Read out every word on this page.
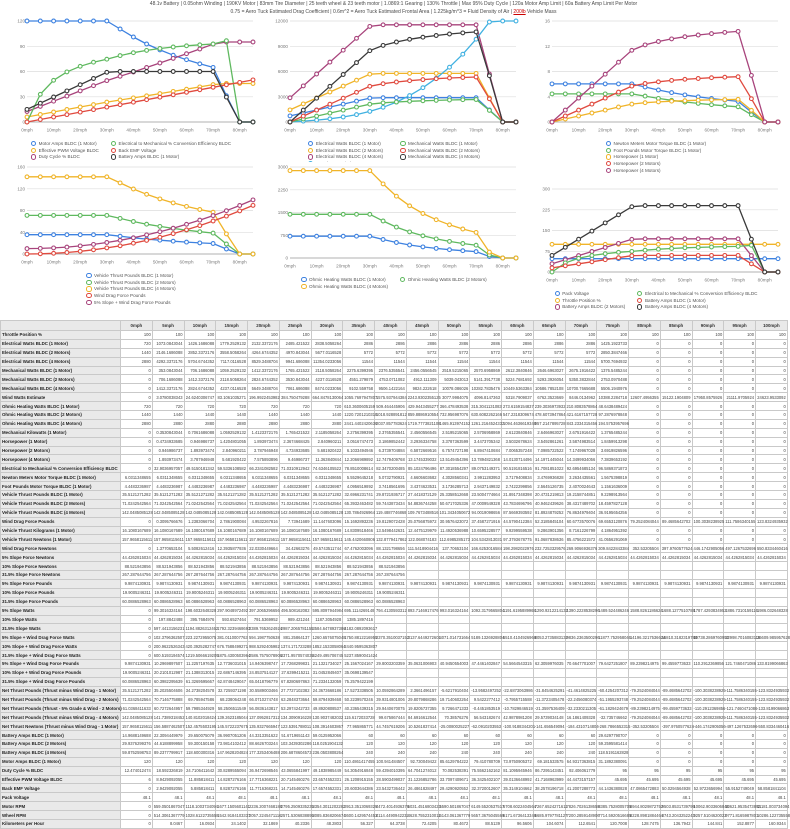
48.1v Battery | 0.05ohm Winding | 190KV Motor | 83mm Tire Diameter | 25 teeth wheel & 23 teeth motor | 1.0869:1 Gearing | 130% Throttle | Max 95% Duty Cycle | 120a Motor Amp Limit | 60a Battery Amp Limit Per Motor
0.75 = Aero Tuck Estimated Drag Coefficient | 0.6m^2 = Aero Tuck Estimated Frontal Area | 1.225kg/m^3 = Fluid Density of Air | 200lb Vehicle Mass
0
30
60
90
120
0mph	10mph	20mph	30mph	40mph	50mph	60mph	70mph	80mph
Motor Amps BLDC (1 Motor)
Effective PWM Voltage BLDC
Duty Cycle % BLDC
Electrical to Mechanical % Conversion Efficiency BLDC
Back EMF Voltage
Battery Amps BLDC (1 Motor)
0
3000
6000
9000
12000
0mph	10mph	20mph	30mph	40mph	50mph	60mph	70mph	80mph
Electrical Watts BLDC (1 Motor)
Electrical Watts BLDC (2 Motors)
Electrical Watts BLDC (4 Motors)
Mechanical Watts BLDC (1 Motor)
Mechanical Watts BLDC (2 Motors)
Mechanical Watts BLDC (4 Motors)
0
4
8
12
16
0mph	10mph	20mph	30mph	40mph	50mph	60mph	70mph	80mph
Newton Meters Motor Torque BLDC (1 Motor)
Foot Pounds Motor Torque BLDC (1 Motor)
Horsepower (1 Motor)
Horsepower (2 Motors)
Horsepower (4 Motors)
0
40
80
120
160
0mph	10mph	20mph	30mph	40mph	50mph	60mph	70mph	80mph
Vehicle Thrust Pounds BLDC (1 Motor)
Vehicle Thrust Pounds BLDC (2 Motors)
Vehicle Thrust Pounds BLDC (4 Motors)
Wind Drag Force Pounds
5% Slope + Wind Drag Force Pounds
0
750
1500
2250
3000
0mph	10mph	20mph	30mph	40mph	50mph	60mph	70mph	80mph
Ohmic Heating Watts BLDC (1 Motor)
Ohmic Heating Watts BLDC (4 Motors)
Ohmic Heating Watts BLDC (2 Motors)
0
75
150
225
300
0mph	10mph	20mph	30mph	40mph	50mph	60mph	70mph	80mph
Pack Voltage
Throttle Position %
Battery Amps BLDC (2 Motors)
Electrical to Mechanical % Conversion Efficiency BLDC
Battery Amps BLDC (1 Motor)
Battery Amps BLDC (4 Motors)
	0mph	5mph	10mph	15mph	20mph	25mph	30mph	35mph	40mph	45mph	50mph	55mph	60mph	65mph	70mph	75mph	80mph	85mph	90mph	95mph	100mph
Throttle Position %	100	100	100	100	100	100	100	100	100	100	100	100	100	100	100	100	100	100	100	100	100
Electrical Watts BLDC (1 Motor)	720	1073.0843044	1426.1686088	1779.2529132	2132.3372176	2485.421522	2838.5058264	2886	2886	2886	2886	2886	2886	2886	2886	1425.1923733	0	0	0	0	0
Electrical Watts BLDC (2 Motors)	1440	2146.1686088	2852.3372176	3558.5058264	4264.6744352	4970.843044	5677.0116528	5772	5772	5772	5772	5772	5772	5772	5772	2850.3847466	0	0	0	0	0
Electrical Watts BLDC (4 Motors)	2880	4292.3372176	5704.6744352	7117.0116528	8529.3488704	9941.686088	11354.0233056	11544	11544	11544	11544	11544	11544	11544	11544	5700.7694932	0	0	0	0	0
Mechanical Watts BLDC (1 Motor)	0	353.0843044	706.1686088	1059.2529132	1412.3372176	1765.421522	2118.5058264	2275.6399395	2376.5355541	2456.0556545	2519.5215065	2570.6958869	2612.3840846	2646.6963027	2675.1916422	1376.5485244	0	0	0	0	0
Mechanical Watts BLDC (2 Motors)	0	706.1686088	1412.3372176	2118.5058264	2824.6744352	3530.843044	4237.0116528	4551.279879	4753.0711082	4912.111309	5039.043013	5141.3917738	5224.7681692	5293.3926054	5350.3832844	2753.0970488	0	0	0	0	0
Mechanical Watts BLDC (4 Motors)	0	1412.3372176	2824.6744352	4237.0116528	5649.3488704	7061.686088	8474.0233056	9102.559758	9506.1422164	9824.222618	10078.086026	10282.7835476	10449.5363384	10586.7852108	10700.7665688	5506.1940976	0	0	0	0	0
Wind Watts Estimate	0	3.0780038343	24.6240306747	83.1061035271	196.9922453982	384.750479288	664.8478130064	1055.7697947807	1575.937944384	2243.9302355125	3077.9984075	4096.8147363	5318.7909037	6762.3523669	8446.0134962	10388.2284718	12607.4956355	15122.1904809	17950.8575926	21111.9705924	24623.9533092
Ohmic Heating Watts BLDC (1 Motor)	720	720	720	720	720	720	720	610.3600605159	509.464445906	429.9443455277	366.478493538	315.3041131083	273.6159154837	239.3036973932	210.8083578864	48.6438489424	0	0	0	0	0
Ohmic Heating Watts BLDC (2 Motors)	1440	1440	1440	1440	1440	1440	1440	1220.7201210318	1018.928891812	859.8886910554	732.956987076	630.6082262166	547.2318309674	478.6073947864	421.6167157728	97.2876978848	0	0	0	0	0
Ohmic Heating Watts BLDC (4 Motors)	2880	2880	2880	2880	2880	2880	2880	2441.4402420636	2037.857783624	1719.7773821108	1465.913974152	1261.2164524332	1094.4636619348	957.2147895728	843.2334315456	194.5753957696	0	0	0	0	0
Mechanical Kilowatts (1 Motor)	0	0.3530843044	0.7061686088	1.0592529132	1.4123372176	1.765421522	2.1185058264	2.2756399395	2.3765355541	2.4560556545	2.5195215065	2.5706958869	2.6123840846	2.6466963027	2.6751916422	1.3765485244	0	0	0	0	0
Horsepower (1 Motor)	0	0.4734933685	0.946986737	1.4204801055	1.893973474	2.3674668425	2.840960211	3.0516747473	3.1869852442	3.2936334758	3.3787363599	3.4473705342	3.5032678624	3.5492861261	3.5874983514	1.8459913298	0	0	0	0	0
Horsepower (2 Motors)	0	0.946986737	1.893973474	2.840960211	3.787946948	4.734933685	5.681920422	6.1033494946	6.3739704884	6.5872669516	6.7574727198	6.8947410684	7.0065357248	7.0985722522	7.1749967028	3.6919826596	0	0	0	0	0
Horsepower (4 Motors)	0	1.893973474	3.787946948	5.681920422	7.575893896	9.46986737	11.363840844	12.2066989892	12.7479409768	13.1745339032	13.5149454396	13.7894821368	14.0130714496	14.1971445044	14.3499934056	7.3839653192	0	0	0	0	0
Electrical to Mechanical % Conversion Efficiency BLDC	0	32.9036957057	49.5150181342	59.5336108582	66.2341082582	71.0310912942	74.6346105522	78.8510008614	82.3470200485	85.1024796496	87.3018554297	89.0753149371	90.5191816516	91.7081851022	92.6954685134	96.5869371873	0	0	0	0	0
Newton Meters Motor Torque BLDC (1 Motor)	6.0311348655	6.0311348655	6.0311348655	6.0311348655	6.0311348655	6.0311348655	6.0311348655	5.5529645218	5.0732790921	4.6605603682	4.3028560341	3.9911283953	3.7179408834	3.4769936828	3.2634435561	1.5675398819	0	0	0	0	0
Foot Pounds Motor Torque BLDC (1 Motor)	4.4483236987	4.4483236987	4.4483236987	4.4483236987	4.4483236987	4.4483236987	4.4483236987	4.0956519892	3.7418561695	3.4374623531	3.1736285713	2.9437149832	2.7422299856	2.5645126735	2.4070024643	1.1561636009	0	0	0	0	0
Vehicle Thrust Pounds BLDC (1 Motor)	35.5121271282	35.5121271282	35.5121271282	35.5121271282	35.5121271282	35.5121271282	35.5121271282	32.6966231741	29.8721936717	27.4418372129	25.3358512668	23.5004774664	21.8917348398	20.4731219813	19.2158744851	9.2298913564	0	0	0	0	0
Vehicle Thrust Pounds BLDC (2 Motors)	71.0242542564	71.0242542564	71.0242542564	71.0242542564	71.0242542564	71.0242542564	71.0242542564	65.3932463482	59.7443873434	54.8836744258	50.6717025336	47.0009549328	43.7834696796	40.9462439626	38.4317489702	18.4597827128	0	0	0	0	0
Vehicle Thrust Pounds BLDC (4 Motors)	142.0485085128	142.0485085128	142.0485085128	142.0485085128	142.0485085128	142.0485085128	142.0485085128	130.7864926964	119.4887746868	109.7673488516	101.3434050672	94.0019098656	87.5669393592	81.8924879252	76.8634979404	36.9195654256	0	0	0	0	0
Wind Drag Force Pounds	0	0.3095766676	1.2383066704	2.7861900084	4.9532267816	7.73941689	11.1447603096	15.1692893236	19.8129072428	25.0756875972	30.9576423072	37.4587271916	44.5790412384	52.3185845104	60.6773570076	69.6553120876	79.2524084044	89.4685642702	100.3038238925	111.7586340155	123.8324935932
Vehicle Thrust Kilograms (1 Motor)	16.1080167689	16.1080167689	16.1080167689	16.1080167689	16.1080167689	16.1080167689	16.1080167689	14.8309518466	13.5498442631	12.4475129979	11.4920536988	10.6595228577	9.9299559538	9.2863901356	8.7161226799	4.1864951392	0	0	0	0	0
Vehicle Thrust Newtons (1 Motor)	157.9658115611	157.9658115611	157.9658115611	157.9658115611	157.9658115611	157.9658115611	157.9658115611	145.4420660806	132.8779417862	122.068074183	112.6985285173	104.5342813031	97.3793678775	91.0687838636	85.4756221572	41.0556291069	0	0	0	0	0
Wind Drag Force Newtons	0	1.3770653104	5.5082612416	12.3935877936	22.0330449664	34.42663276	49.5743511744	67.4762003096	88.1321798656	111.5418904416	137.70653104	166.6253016584	198.2982022976	232.7253329576	269.9066936376	309.8422843384	352.53205504	397.9760577624	446.1742905056	497.1267532696	550.8334460416
5% Slope Force Newtons	44.4262815034	44.4262815034	44.4262815034	44.4262815034	44.4262815034	44.4262815034	44.4262815034	44.4262815034	44.4262815034	44.4262815034	44.4262815034	44.4262815034	44.4262815034	44.4262815034	44.4262815034	44.4262815034	44.4262815034	44.4262815034	44.4262815034	44.4262815034	44.4262815034
10% Slope Force Newtons	88.521943856	88.521943856	88.521943856	88.521943856	88.521943856	88.521943856	88.521943856	88.521943856	88.521943856												
31.5% Slope Force Newtons	267.287644756	267.287644756	267.287644756	267.287644756	267.287644756	267.287644756	267.287644756	267.287644756	267.287644756												
5% Slope Force Pounds	9.9874130931	9.9874130931	9.9874130931	9.9874130931	9.9874130931	9.9874130931	9.9874130931	9.9874130931	9.9874130931	9.9874130931	9.9874130931	9.9874130931	9.9874130931	9.9874130931	9.9874130931	9.9874130931	9.9874130931	9.9874130931	9.9874130931	9.9874130931	9.9874130931
10% Slope Force Pounds	19.9005246311	19.9005246311	19.9005246311	19.9005246311	19.9005246311	19.9005246311	19.9005246311	19.9005246311	19.9005246311												
31.5% Slope Force Pounds	60.0886528963	60.0886528963	60.0886528963	60.0886528963	60.0886528963	60.0886528963	60.0886528963	60.0886528963	60.0886528963												
5% Slope Watts	0	99.3016324164	198.6032648328	297.9048972492	397.2065296656	496.508162082	595.8097944984	695.1114269148	794.4130593312	893.7146917476	993.016324164	1092.3179565804	1191.6195889968	1290.9212214132	1390.2228538296	1489.524486246	1588.8261186624	1688.1277510788	1787.4293834952	1886.7310159116	1986.032648328
10% Slope Watts	0	197.8842488	395.7684976	593.6527464	791.5369952	989.421244	1187.3054928	1385.1897416													
31.5% Slope Watts	0	597.4413156231	1194.8826312462	1792.3239468693	2389.7652624924	2987.2065781155	3584.6478937386	4182.0892093617													
5% Slope + Wind Drag Force Watts	0	102.3796362507	223.2272955075	381.0110007763	594.1987750638	881.25864137	1260.6576075048	1750.8812216955	2370.3510037152	3137.6449272601	4071.014731664	5189.1326928804	6510.4104926968	8053.2735883132	9836.2363500296	11877.752958046	14196.3217536624	16810.3182319788	19738.2869760952	22998.7016083116	26609.985957628
10% Slope + Wind Drag Force Watts	0	200.9622526343	420.3925282747	676.7588499271	988.5292405982	1374.171723288	1852.1533058064	2440.9595363807													
31.5% Slope + Wind Drag Force Watts	0	600.5193194574	1219.5066619209	1875.4300503964	2586.7575078906	3371.9570574035	4249.495706745	5237.8590041424													
5% Slope + Wind Drag Force Pounds	9.9874130931	10.2969897607	11.2257197635	12.7736031015	14.9406398747	17.7268299831	21.1321734027	25.1567024167	29.8003203359	35.0631006903	40.9450554003	47.4461402847	54.5664543315	62.3059976035	70.6647701007	79.6427251807	89.2398214975	99.4559773633	110.2912369856	121.7460471086	133.8199066863
10% Slope + Wind Drag Force Pounds	19.9005246311	20.2101012987	21.1388313015	22.6867146395	24.8537514127	27.6399415211	31.0452849407	35.0698139547													
31.5% Slope + Wind Drag Force Pounds	60.0886528963	60.3982295639	61.3269595667	62.8748429047	65.0418796779	67.8280697863	71.2334132059	75.2579422199													
Net Thrust Pounds (Thrust minus Wind Drag - 1 Motor)	35.5121271282	35.2025504606	34.2738204578	32.7259371198	30.5589003466	27.7727102382	24.3673668186	17.5273338505	10.0592864289	2.3661496157	-5.6217910404	-13.9582497252	-22.6873063986	-31.8454625291	-41.4614825225	-60.4254207312	-79.2524084044	-89.4685642702	-100.3038238925	-111.7586340155	-123.8324935932
Net Thrust Pounds (Thrust minus Wind Drag - 2 Motors)	71.0242542564	70.7146775888	69.785947586	68.238064248	66.0710274748	63.2848373664	59.8794939468	50.2239570246	39.9314801006	29.8079868286	19.7140602264	9.5422277412	-0.7955715588	-11.3723405478	-22.2456080374	-51.1955293748	-79.2524084044	-89.4685642702	-100.3038238925	-111.7586340155	-123.8324935932
Net Thrust Pounds (Thrust - 5% Grade & Wind - 2 Motors)	61.0368411633	60.7272644957	59.7985344929	58.2506511549	56.0836143817	53.2974242733	49.8920808537	40.2365439315	29.9440670075	19.8205737355	9.7266471333	-0.4451853519	-10.7829846519	-21.3597536409	-32.2330211305	-61.1829424679	-89.2398214975	-99.4559773633	-110.2912369856	-121.7460471086	-133.8199066863
Net Thrust Pounds (Thrust minus Wind Drag - 4 Motors)	142.0485085128	141.7389318452	140.8102018424	139.2623185044	137.0952817312	134.3090916228	130.9037482032	115.6172033728	99.675867444	84.6916612544	70.38576276	56.543182674	42.9878981208	29.5739034148	16.1861409328	-32.735746662	-79.2524084044	-89.4685642702	-100.3038238925	-111.7586340155	-123.8324935932
Net Thrust Newtons (Thrust minus Wind Drag - 1 Motor)	157.9658115611	156.5887462507	152.4575503195	145.5722237675	135.9327665947	123.5391788011	108.3914603867	77.965865771	44.7457619206	10.5261837414	-25.0080025227	-62.0910203553	-100.9188344201	-141.656549094	-184.4310714804	-268.7866552315	-352.53205504	-397.9760577624	-446.1742905056	-497.1267532696	-550.8334460416
Battery Amps BLDC (1 Motor)	14.9688149688	22.3094449979	29.650075079	36.9907051206	44.3313351622	51.6719651143	59.0125952066	60	60	60	60	60	60	60	60	29.6297790707	0	0	0	0	0
Battery Amps BLDC (2 Motors)	29.9376299376	44.6188899958	59.300150158	73.9814102412	88.6626703244	103.3439302286	118.0251904132	120	120	120	120	120	120	120	120	59.2595581414	0	0	0	0	0
Battery Amps BLDC (4 Motors)	59.8752598753	89.2377799917	118.600300316	147.9628204824	177.3253406488	206.6878604573	236.0503808264	240	240	240	240	240	240	240	240	118.5191162828	0	0	0	0	0
Motor Amps BLDC (1 Motor)	120	120	120	120	120	120	120	110.4861417455	100.941484507	92.730049422	85.6129784222	79.410780709	73.9750905372	69.181533575	64.9317363815	31.1892380091	0	0	0	0	0
Duty Cycle % BLDC	12.474012474	18.592326819	24.7106411642	30.8289555094	36.9472698546	43.0655841997	49.1838985449	54.3054916848	59.4394010395	64.7041274012	70.082538391	75.5562162162	81.1095945946	86.7295143451	92.406061779	95	95	95	95	95	95
Effective PWM Voltage BLDC	6	8.9429092055	11.885818411	14.8287276166	17.7716368221	20.7145460276	23.6574552331	26.1208915155	28.5903499037	31.1226852786	33.7097409671	36.3425402107	39.0136648992	41.7168963999	44.4473157157	45.695	45.695	45.695	45.695	45.695	45.695
Back EMF Voltage	0	2.9429092055	5.885818411	8.8287276166	11.7716368221	14.7145460276	17.6574552331	20.6003644386	23.5432736442	26.4861828497	29.4290920552	32.3720012607	35.3149104662	38.2578196718	41.2007288773	44.1436380828	47.0865472883	50.0294564938	52.9723656994	55.9152749049	58.8581841104
Pack Voltage	48.1	48.1	48.1	48.1	48.1	48.1	48.1	48.1	48.1	48.1	48.1	48.1	48.1	48.1	48.1	48.1	48.1	48.1	48.1	48.1	48.1
Motor RPM	0	559.0501867047	1118.1003734094	1677.1505601141	2236.2007468188	2795.2509335235	3354.3011202282	3913.3513069329	4472.4014936376	5031.4516803423	5590.501867047	6149.5520537517	6708.6022404564	7267.6524271611	7826.7026138658	8385.7528005705	8944.8029872752	9503.8531739799	10062.9033606846	10621.9535473893	11181.003734094
Wheel RPM	0	514.3061367779	1028.6122735558	1542.9184103337	2057.2245471116	2571.5306838895	3085.8368206674	3600.1429574453	4114.4490942232	4628.7552310011	5143.061367779	5657.3675045569	6171.6736413348	6685.9797781127	7200.2859148906	7714.5920516685	8228.8981884464	8743.2043252243	9257.5104620022	9771.8165987801	10286.122735558
Kilometers per Hour	0	8.0467	16.0934	24.1402	32.1869	40.2336	48.2803	56.327	64.3738	72.4205	80.4672	88.5139	96.5606	104.6074	112.6541	120.7008	128.7475	136.7942	144.841	152.8877	160.9344
